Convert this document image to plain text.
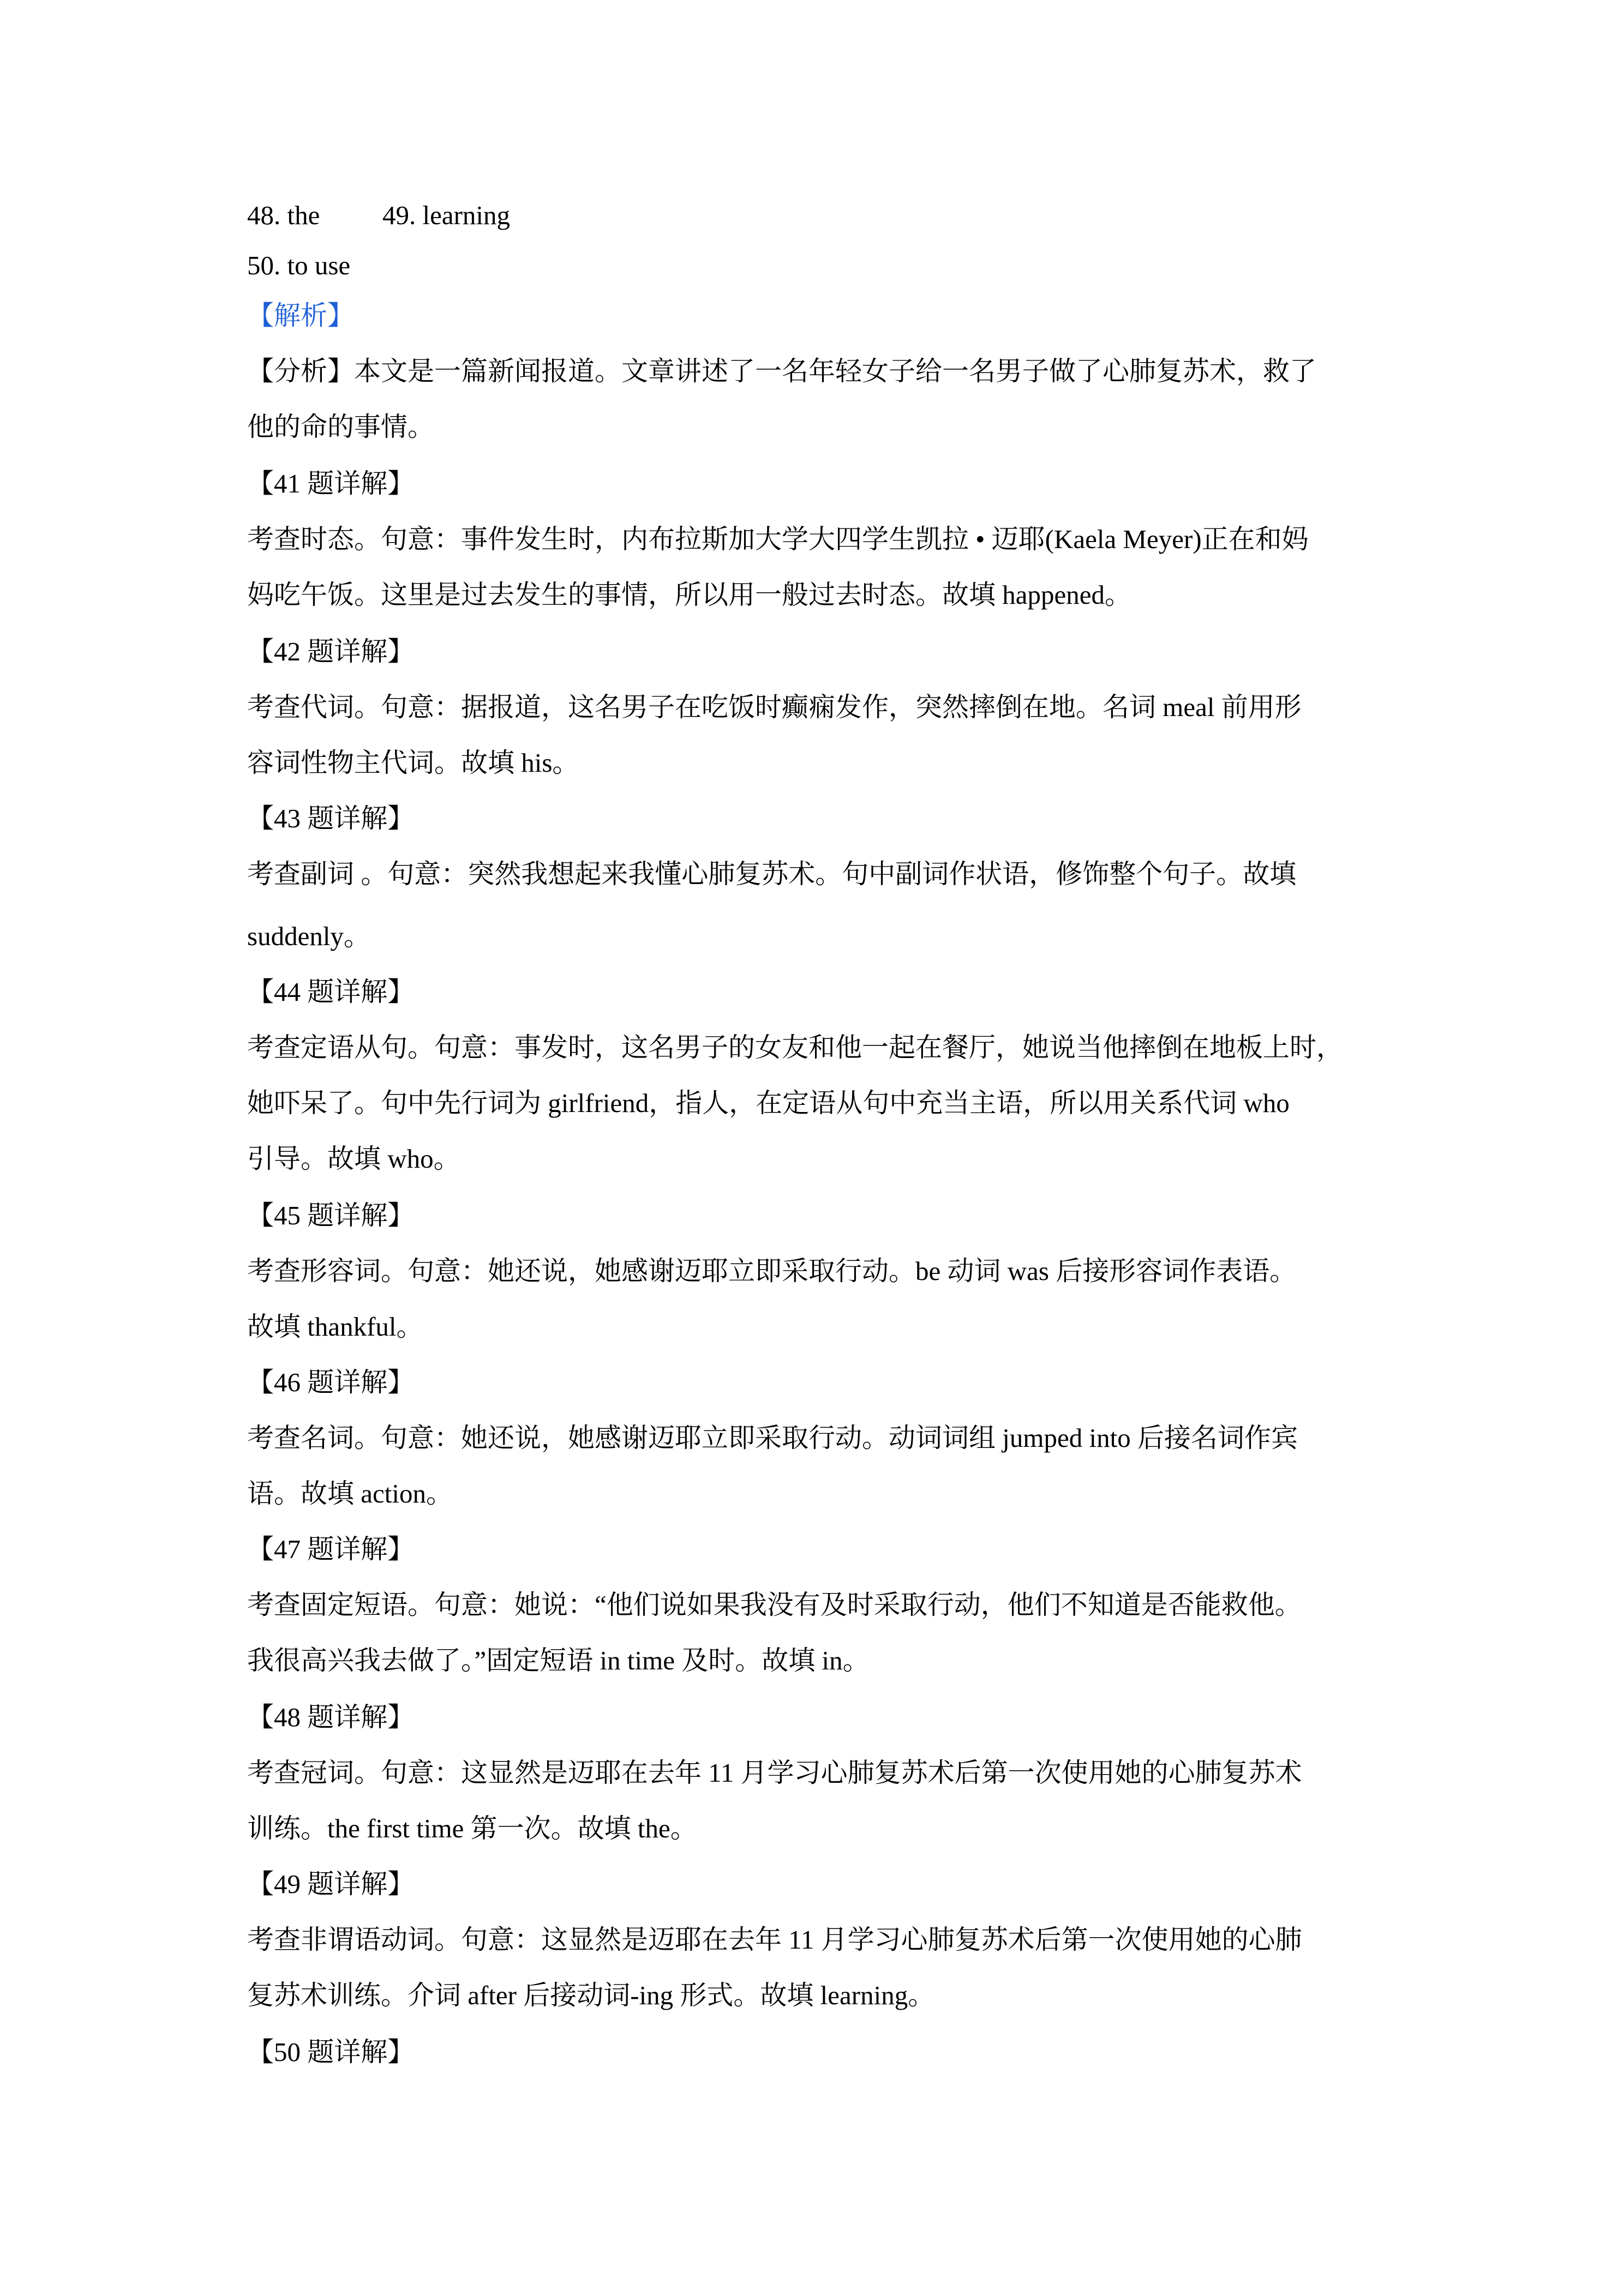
48. the 49. learning
50. to use
【解析】
【分析】本文是一篇新闻报道。文章讲述了一名年轻女子给一名男子做了心肺复苏术，救了
他的命的事情。
【41 题详解】
考查时态。句意：事件发生时，内布拉斯加大学大四学生凯拉 • 迈耶(Kaela Meyer)正在和妈
妈吃午饭。这里是过去发生的事情，所以用一般过去时态。故填 happened。
【42 题详解】
考查代词。句意：据报道，这名男子在吃饭时癫痫发作，突然摔倒在地。名词 meal 前用形
容词性物主代词。故填 his。
【43 题详解】
考查副词 。句意：突然我想起来我懂心肺复苏术。句中副词作状语，修饰整个句子。故填
suddenly。
【44 题详解】
考查定语从句。句意：事发时，这名男子的女友和他一起在餐厅，她说当他摔倒在地板上时，
她吓呆了。句中先行词为 girlfriend，指人，在定语从句中充当主语，所以用关系代词 who
引导。故填 who。
【45 题详解】
考查形容词。句意：她还说，她感谢迈耶立即采取行动。be 动词 was 后接形容词作表语。
故填 thankful。
【46 题详解】
考查名词。句意：她还说，她感谢迈耶立即采取行动。动词词组 jumped into 后接名词作宾
语。故填 action。
【47 题详解】
考查固定短语。句意：她说：“他们说如果我没有及时采取行动，他们不知道是否能救他。
我很高兴我去做了。”固定短语 in time 及时。故填 in。
【48 题详解】
考查冠词。句意：这显然是迈耶在去年 11 月学习心肺复苏术后第一次使用她的心肺复苏术
训练。the first time 第一次。故填 the。
【49 题详解】
考查非谓语动词。句意：这显然是迈耶在去年 11 月学习心肺复苏术后第一次使用她的心肺
复苏术训练。介词 after 后接动词-ing 形式。故填 learning。
【50 题详解】
